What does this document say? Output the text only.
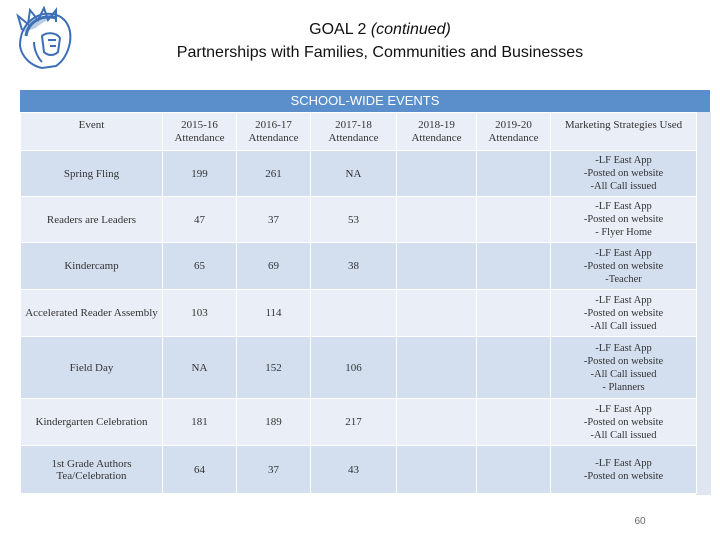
GOAL 2 (continued)
Partnerships with Families, Communities and Businesses
SCHOOL-WIDE EVENTS
Event	2015-16 Attendance	2016-17 Attendance	2017-18 Attendance	2018-19 Attendance	2019-20 Attendance	Marketing Strategies Used
Spring Fling	199	261	NA			-LF East App
-Posted on website
-All Call issued

Readers are Leaders	47	37	53			-LF East App
-Posted on website
- Flyer Home

Kindercamp	65	69	38			-LF East App
-Posted on website
-Teacher

Accelerated Reader Assembly	103	114				-LF East App
-Posted on website
-All Call issued

Field Day	NA	152	106			-LF East App
-Posted on website
-All Call issued
- Planners

Kindergarten Celebration	181	189	217			-LF East App
-Posted on website
-All Call issued

1st Grade Authors Tea/Celebration	64	37	43			-LF East App
-Posted on website
60
